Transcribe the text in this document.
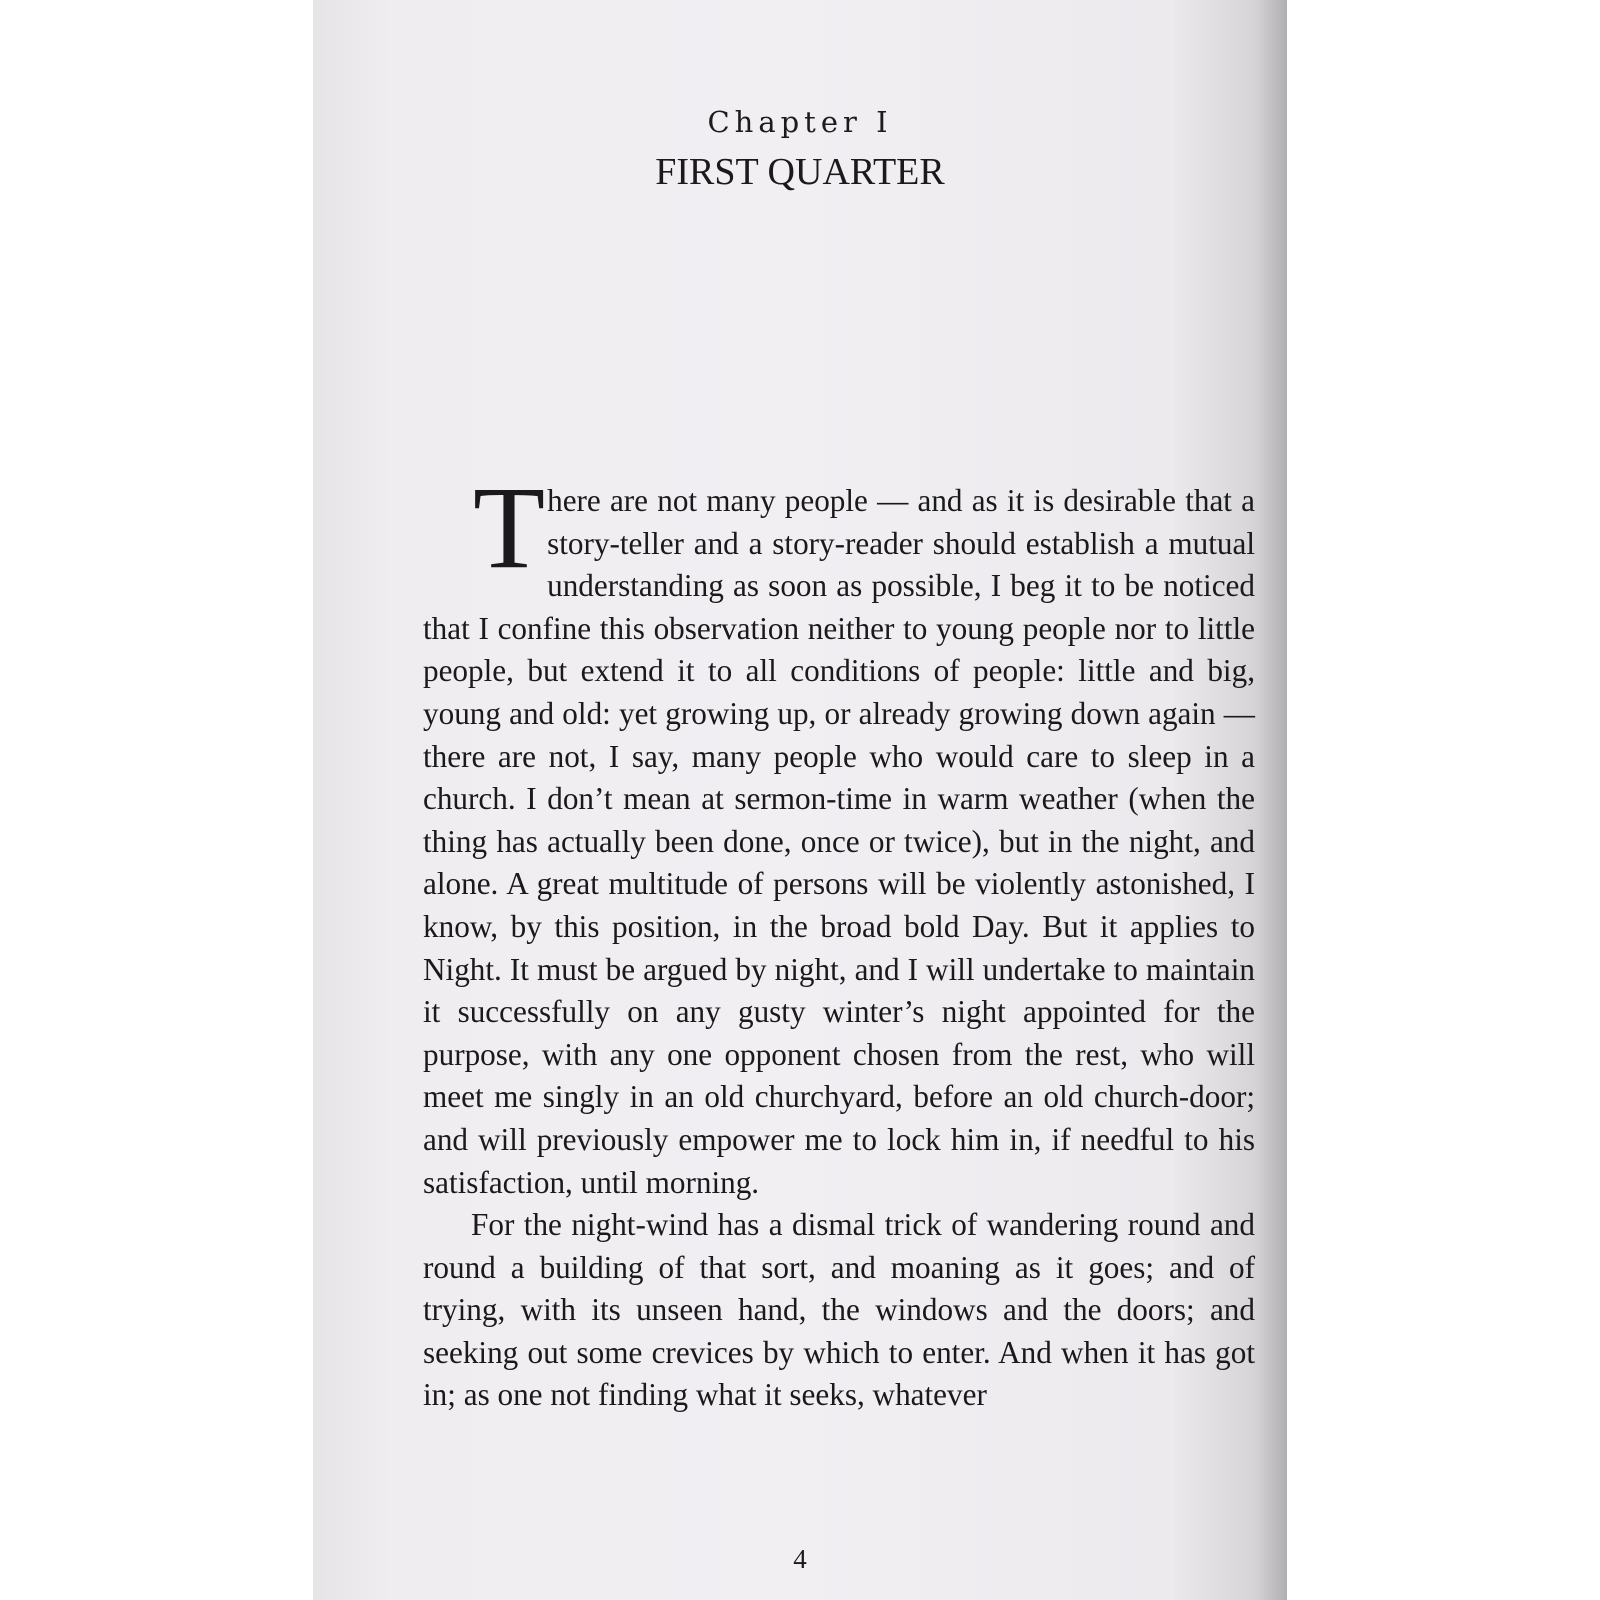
Chapter I
FIRST QUARTER

There are not many people — and as it is desirable that a story-teller and a story-reader should establish a mutual understanding as soon as possible, I beg it to be noticed that I confine this observation neither to young people nor to little people, but extend it to all conditions of people: little and big, young and old: yet growing up, or already growing down again — there are not, I say, many people who would care to sleep in a church. I don’t mean at sermon-time in warm weather (when the thing has actually been done, once or twice), but in the night, and alone. A great multitude of persons will be violently astonished, I know, by this position, in the broad bold Day. But it applies to Night. It must be argued by night, and I will undertake to maintain it successfully on any gusty winter’s night appointed for the purpose, with any one opponent chosen from the rest, who will meet me singly in an old churchyard, before an old church-door; and will previously empower me to lock him in, if needful to his satisfaction, until morning.

For the night-wind has a dismal trick of wandering round and round a building of that sort, and moaning as it goes; and of trying, with its unseen hand, the windows and the doors; and seeking out some crevices by which to enter. And when it has got in; as one not finding what it seeks, whatever

4
